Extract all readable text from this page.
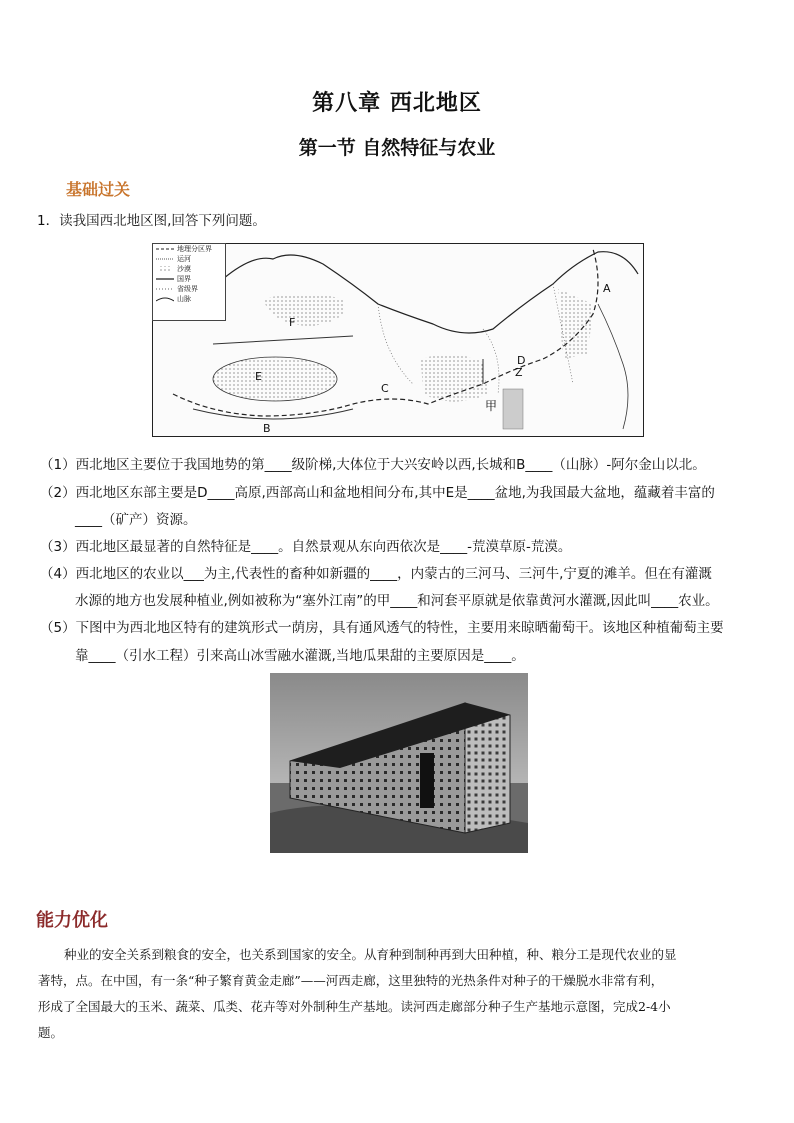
第八章 西北地区
第一节 自然特征与农业
基础过关
1．读我国西北地区图,回答下列问题。
A
F
E
D
Z
C
甲
B
地理分区界
运河
沙漠
国界
省级界
山脉
（1）西北地区主要位于我国地势的第____级阶梯,大体位于大兴安岭以西,长城和B____（山脉）-阿尔金山以北。
（2）西北地区东部主要是D____高原,西部高山和盆地相间分布,其中E是____盆地,为我国最大盆地，蕴藏着丰富的
____（矿产）资源。
（3）西北地区最显著的自然特征是____。自然景观从东向西依次是____-荒漠草原-荒漠。
（4）西北地区的农业以___为主,代表性的畜种如新疆的____，内蒙古的三河马、三河牛,宁夏的滩羊。但在有灌溉
水源的地方也发展种植业,例如被称为“塞外江南”的甲____和河套平原就是依靠黄河水灌溉,因此叫____农业。
（5）下图中为西北地区特有的建筑形式一荫房，具有通风透气的特性，主要用来晾晒葡萄干。该地区种植葡萄主要
靠____（引水工程）引来高山冰雪融水灌溉,当地瓜果甜的主要原因是____。
能力优化
种业的安全关系到粮食的安全，也关系到国家的安全。从育种到制种再到大田种植，种、粮分工是现代农业的显
著特，点。在中国，有一条“种子繁育黄金走廊”——河西走廊，这里独特的光热条件对种子的干燥脱水非常有利，
形成了全国最大的玉米、蔬菜、瓜类、花卉等对外制种生产基地。读河西走廊部分种子生产基地示意图，完成2-4小
题。
